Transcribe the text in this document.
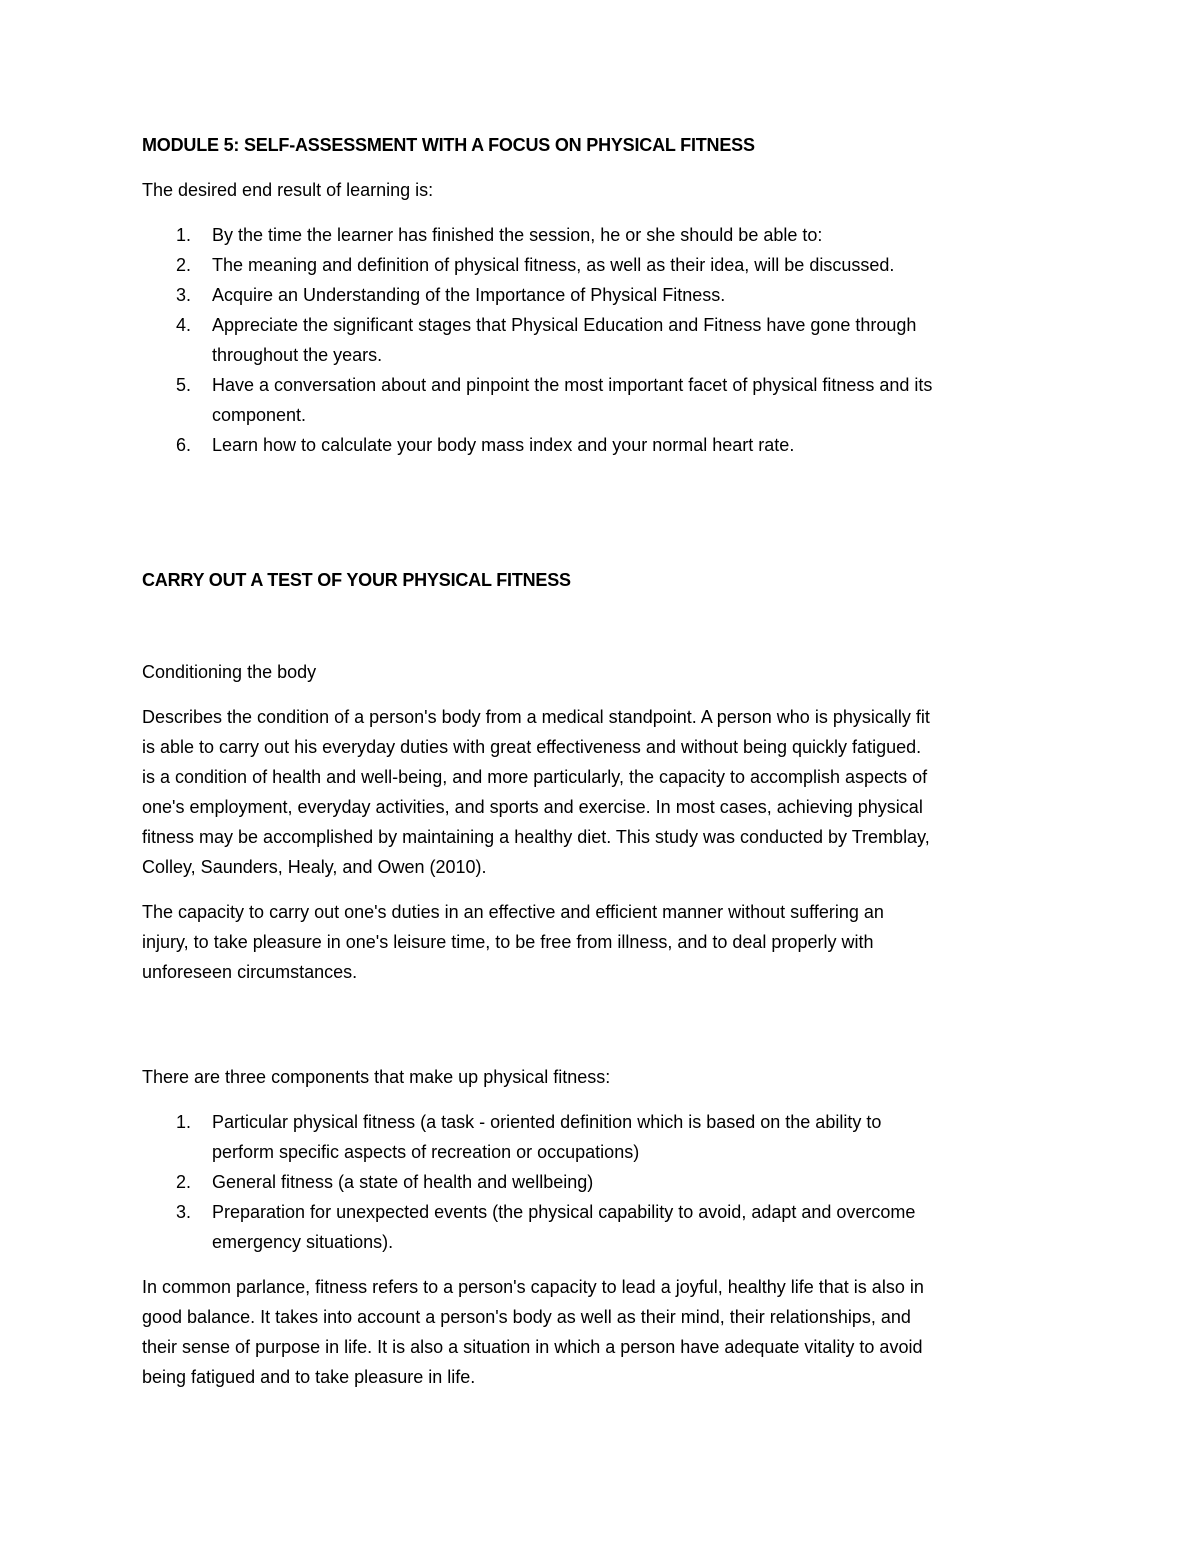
MODULE 5: SELF-ASSESSMENT WITH A FOCUS ON PHYSICAL FITNESS
The desired end result of learning is:
1. By the time the learner has finished the session, he or she should be able to:
2. The meaning and definition of physical fitness, as well as their idea, will be discussed.
3. Acquire an Understanding of the Importance of Physical Fitness.
4. Appreciate the significant stages that Physical Education and Fitness have gone through
throughout the years.
5. Have a conversation about and pinpoint the most important facet of physical fitness and its
component.
6. Learn how to calculate your body mass index and your normal heart rate.
CARRY OUT A TEST OF YOUR PHYSICAL FITNESS
Conditioning the body
Describes the condition of a person's body from a medical standpoint. A person who is physically fit
is able to carry out his everyday duties with great effectiveness and without being quickly fatigued.
is a condition of health and well-being, and more particularly, the capacity to accomplish aspects of
one's employment, everyday activities, and sports and exercise. In most cases, achieving physical
fitness may be accomplished by maintaining a healthy diet. This study was conducted by Tremblay,
Colley, Saunders, Healy, and Owen (2010).
The capacity to carry out one's duties in an effective and efficient manner without suffering an
injury, to take pleasure in one's leisure time, to be free from illness, and to deal properly with
unforeseen circumstances.
There are three components that make up physical fitness:
1. Particular physical fitness (a task - oriented definition which is based on the ability to
perform specific aspects of recreation or occupations)
2. General fitness (a state of health and wellbeing)
3. Preparation for unexpected events (the physical capability to avoid, adapt and overcome
emergency situations).
In common parlance, fitness refers to a person's capacity to lead a joyful, healthy life that is also in
good balance. It takes into account a person's body as well as their mind, their relationships, and
their sense of purpose in life. It is also a situation in which a person have adequate vitality to avoid
being fatigued and to take pleasure in life.
